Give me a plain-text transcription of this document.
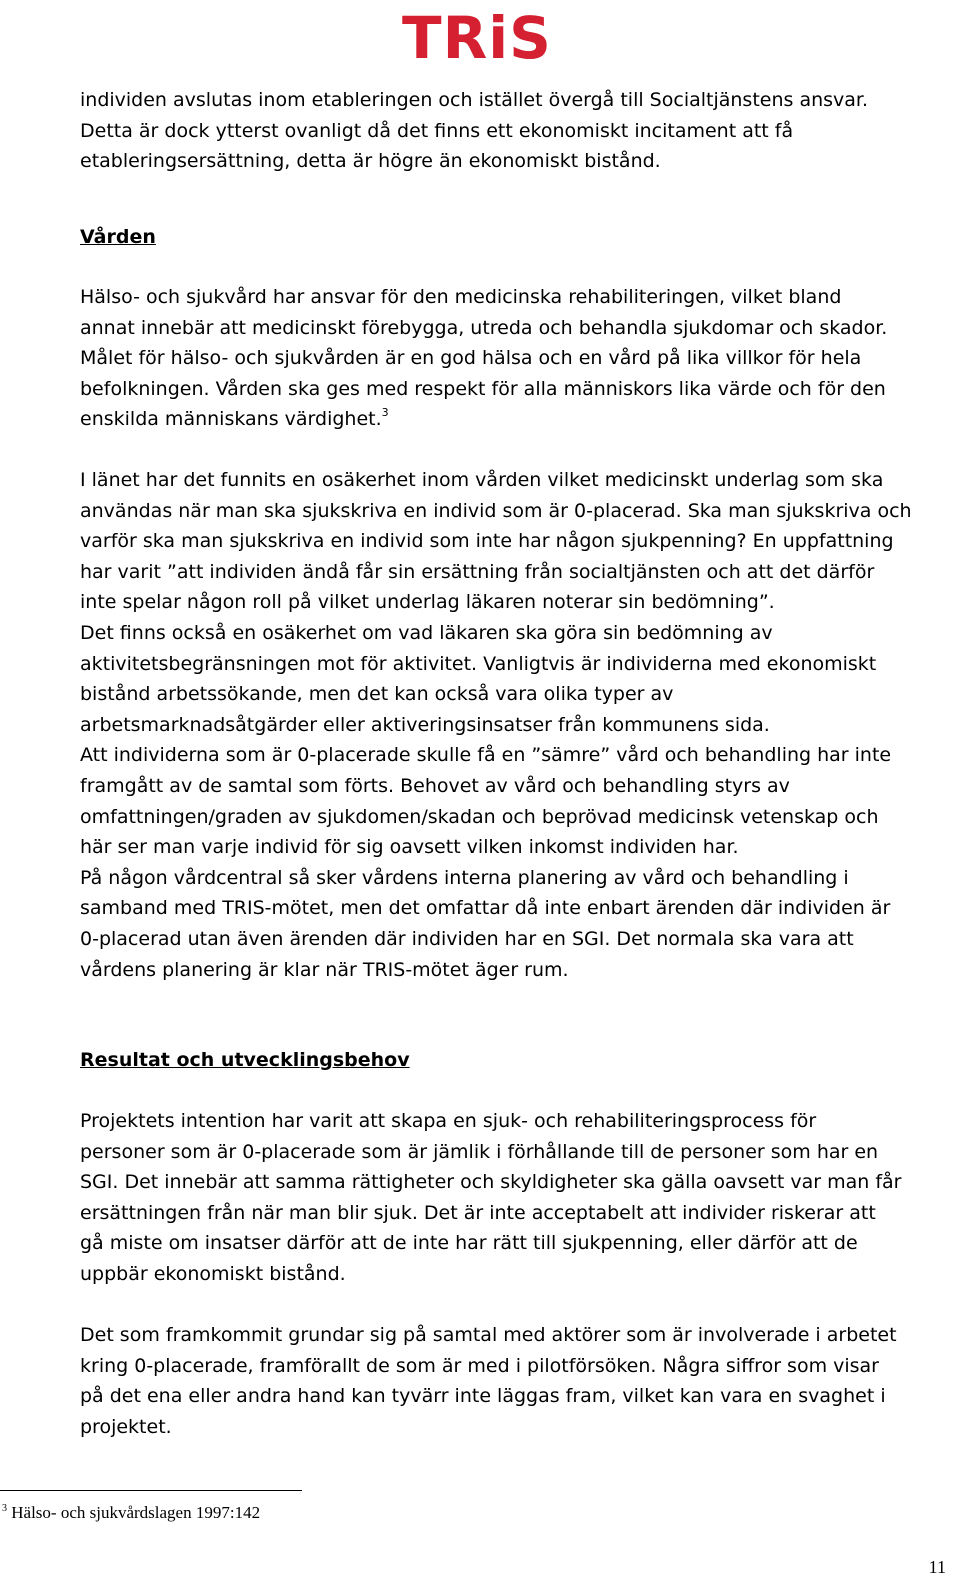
TRiS
individen avslutas inom etableringen och istället övergå till Socialtjänstens ansvar.
Detta är dock ytterst ovanligt då det finns ett ekonomiskt incitament att få
etableringsersättning, detta är högre än ekonomiskt bistånd.
Vården
Hälso- och sjukvård har ansvar för den medicinska rehabiliteringen, vilket bland
annat innebär att medicinskt förebygga, utreda och behandla sjukdomar och skador.
Målet för hälso- och sjukvården är en god hälsa och en vård på lika villkor för hela
befolkningen. Vården ska ges med respekt för alla människors lika värde och för den
enskilda människans värdighet.$^3$
I länet har det funnits en osäkerhet inom vården vilket medicinskt underlag som ska
användas när man ska sjukskriva en individ som är 0-placerad. Ska man sjukskriva och
varför ska man sjukskriva en individ som inte har någon sjukpenning? En uppfattning
har varit ”att individen ändå får sin ersättning från socialtjänsten och att det därför
inte spelar någon roll på vilket underlag läkaren noterar sin bedömning”.
Det finns också en osäkerhet om vad läkaren ska göra sin bedömning av
aktivitetsbegränsningen mot för aktivitet. Vanligtvis är individerna med ekonomiskt
bistånd arbetssökande, men det kan också vara olika typer av
arbetsmarknadsåtgärder eller aktiveringsinsatser från kommunens sida.
Att individerna som är 0-placerade skulle få en ”sämre” vård och behandling har inte
framgått av de samtal som förts. Behovet av vård och behandling styrs av
omfattningen/graden av sjukdomen/skadan och beprövad medicinsk vetenskap och
här ser man varje individ för sig oavsett vilken inkomst individen har.
På någon vårdcentral så sker vårdens interna planering av vård och behandling i
samband med TRIS-mötet, men det omfattar då inte enbart ärenden där individen är
0-placerad utan även ärenden där individen har en SGI. Det normala ska vara att
vårdens planering är klar när TRIS-mötet äger rum.
Resultat och utvecklingsbehov
Projektets intention har varit att skapa en sjuk- och rehabiliteringsprocess för
personer som är 0-placerade som är jämlik i förhållande till de personer som har en
SGI. Det innebär att samma rättigheter och skyldigheter ska gälla oavsett var man får
ersättningen från när man blir sjuk. Det är inte acceptabelt att individer riskerar att
gå miste om insatser därför att de inte har rätt till sjukpenning, eller därför att de
uppbär ekonomiskt bistånd.
Det som framkommit grundar sig på samtal med aktörer som är involverade i arbetet
kring 0-placerade, framförallt de som är med i pilotförsöken. Några siffror som visar
på det ena eller andra hand kan tyvärr inte läggas fram, vilket kan vara en svaghet i
projektet.
$^3$ Hälso- och sjukvårdslagen 1997:142
11
